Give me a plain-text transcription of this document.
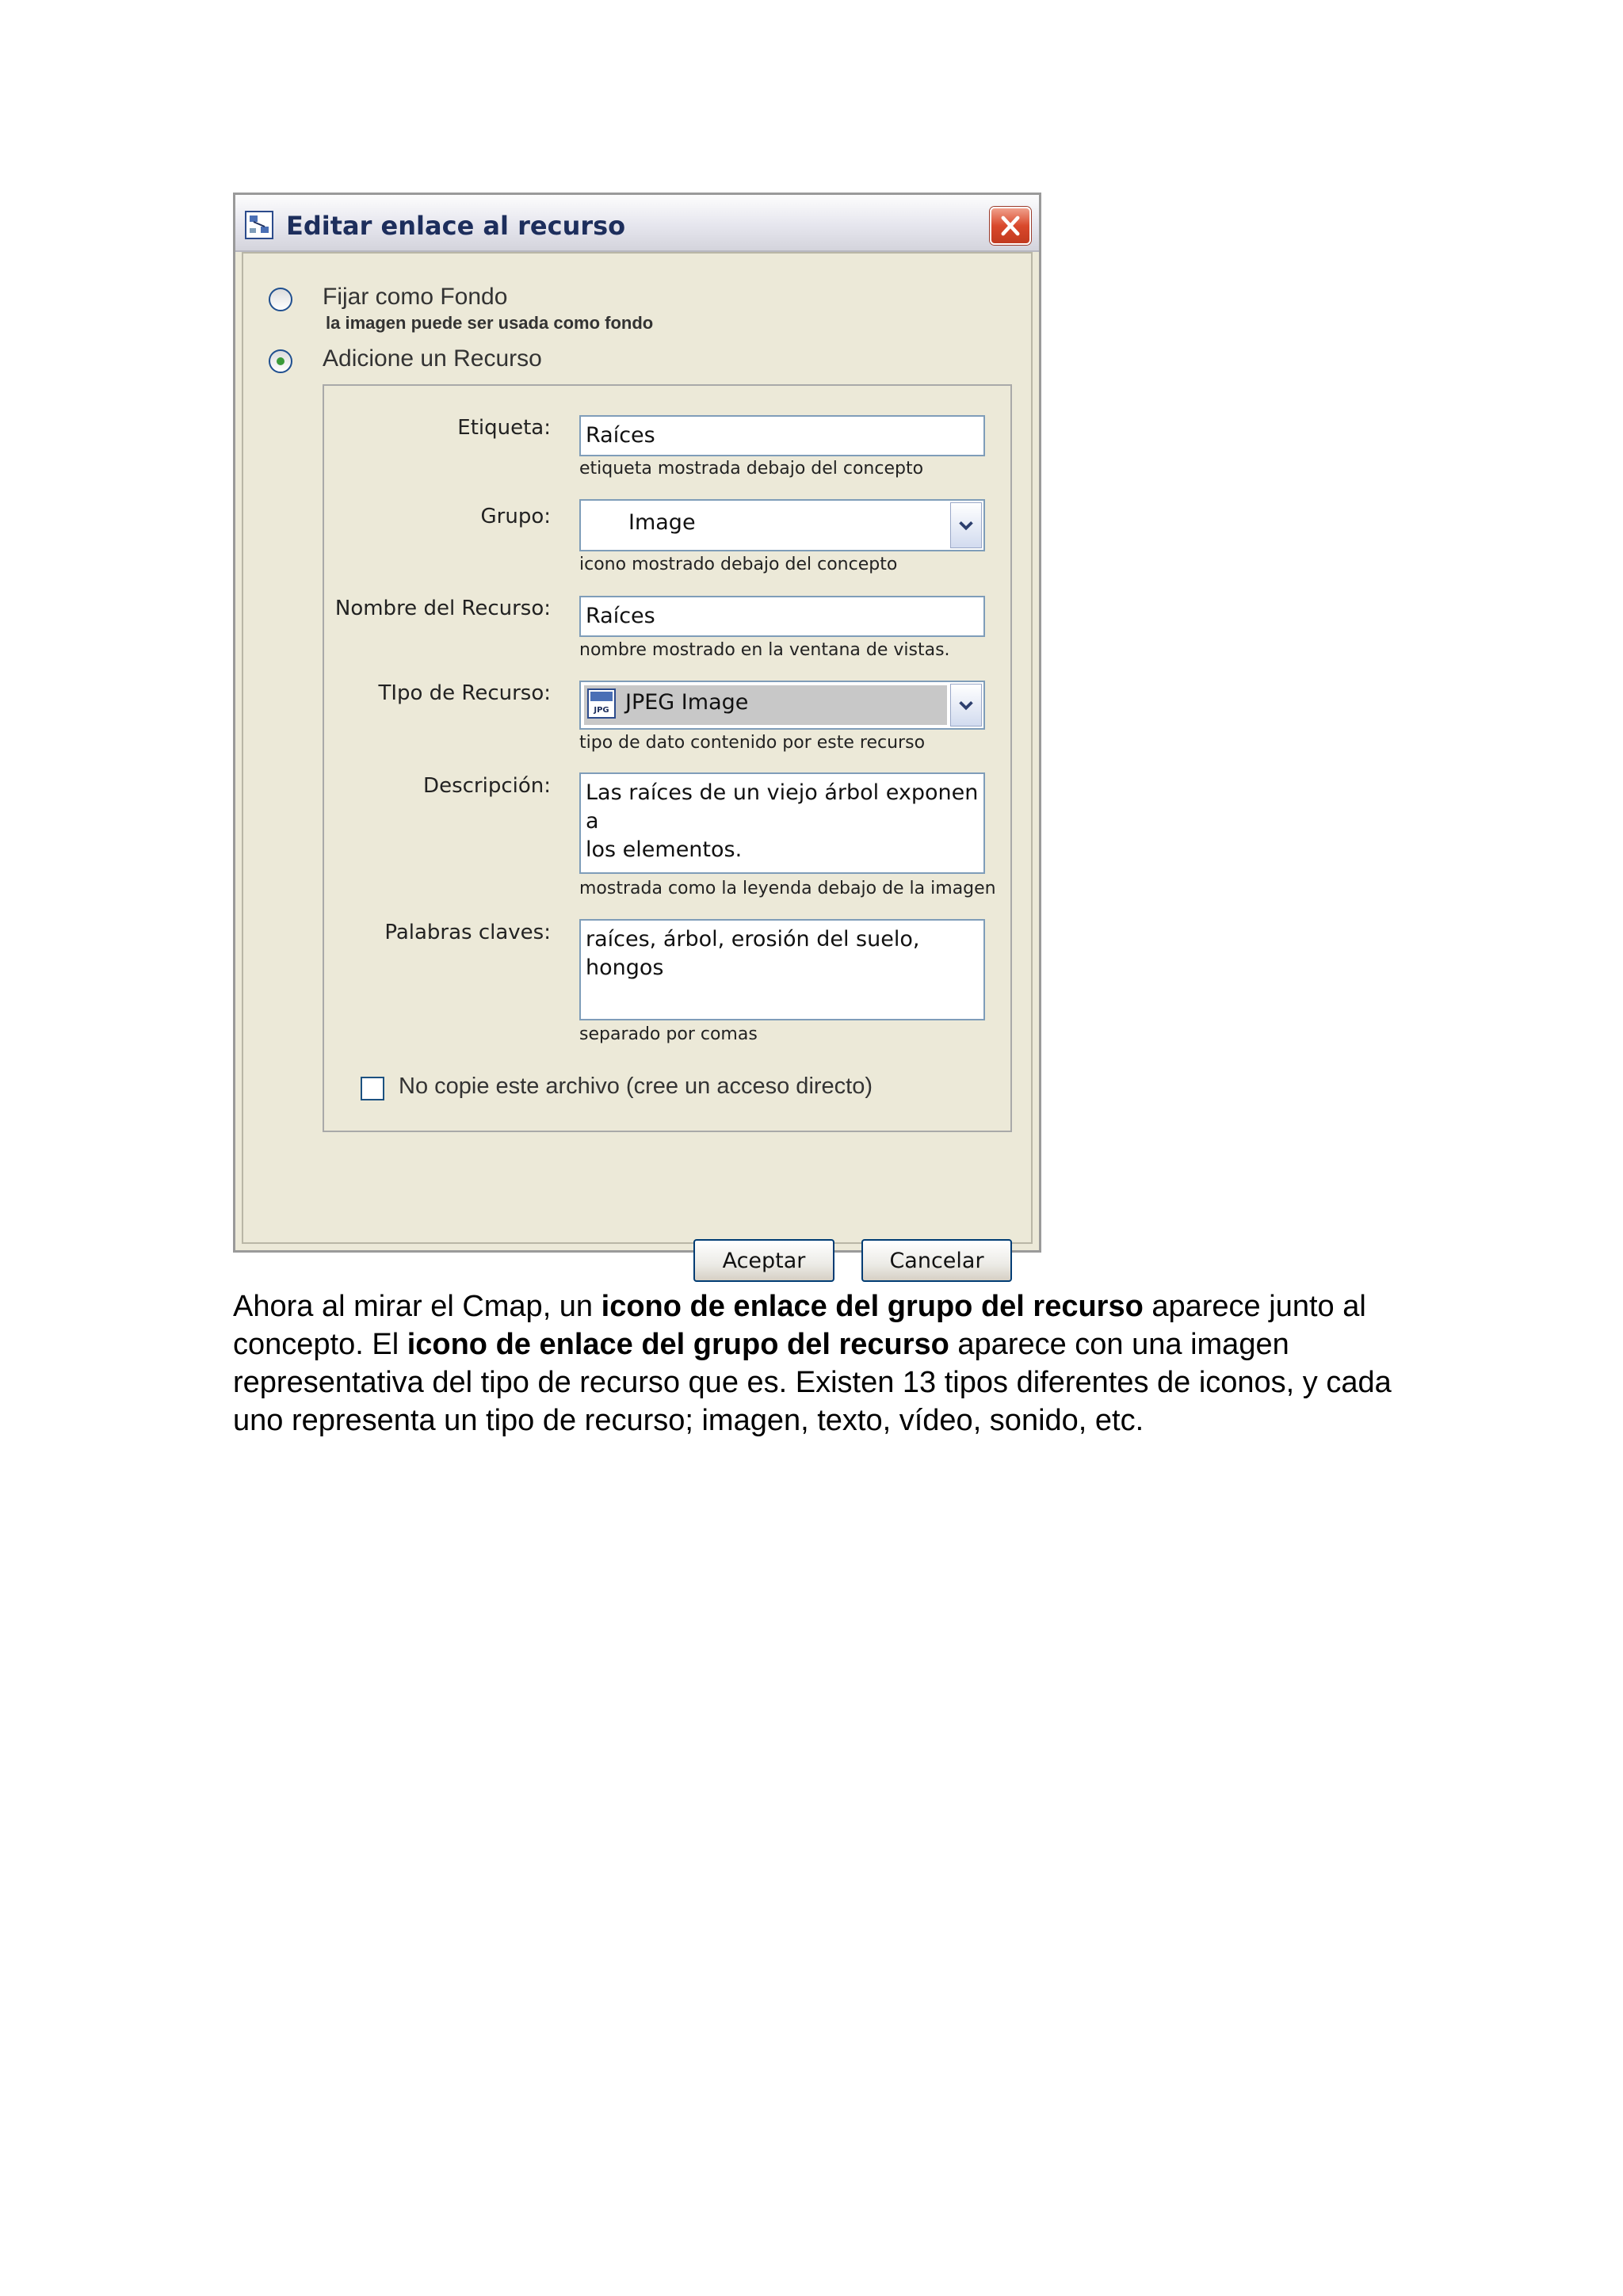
Editar enlace al recurso
Fijar como Fondo
la imagen puede ser usada como fondo
Adicione un Recurso
Etiqueta: Raíces
etiqueta mostrada debajo del concepto
Grupo:	Image
icono mostrado debajo del concepto
Nombre del Recurso: Raíces
nombre mostrado en la ventana de vistas.
TIpo de Recurso:
JPG JPEG Image
tipo de dato contenido por este recurso
Descripción: Las raíces de un viejo árbol exponen a
los elementos.
mostrada como la leyenda debajo de la imagen
Palabras claves: raíces, árbol, erosión del suelo, hongos
separado por comas
No copie este archivo (cree un acceso directo)
Aceptar	Cancelar
Ahora al mirar el Cmap, un icono de enlace del grupo del recurso aparece junto al concepto. El icono de enlace del grupo del recurso aparece con una imagen representativa del tipo de recurso que es. Existen 13 tipos diferentes de iconos, y cada uno representa un tipo de recurso; imagen, texto, vídeo, sonido, etc.
